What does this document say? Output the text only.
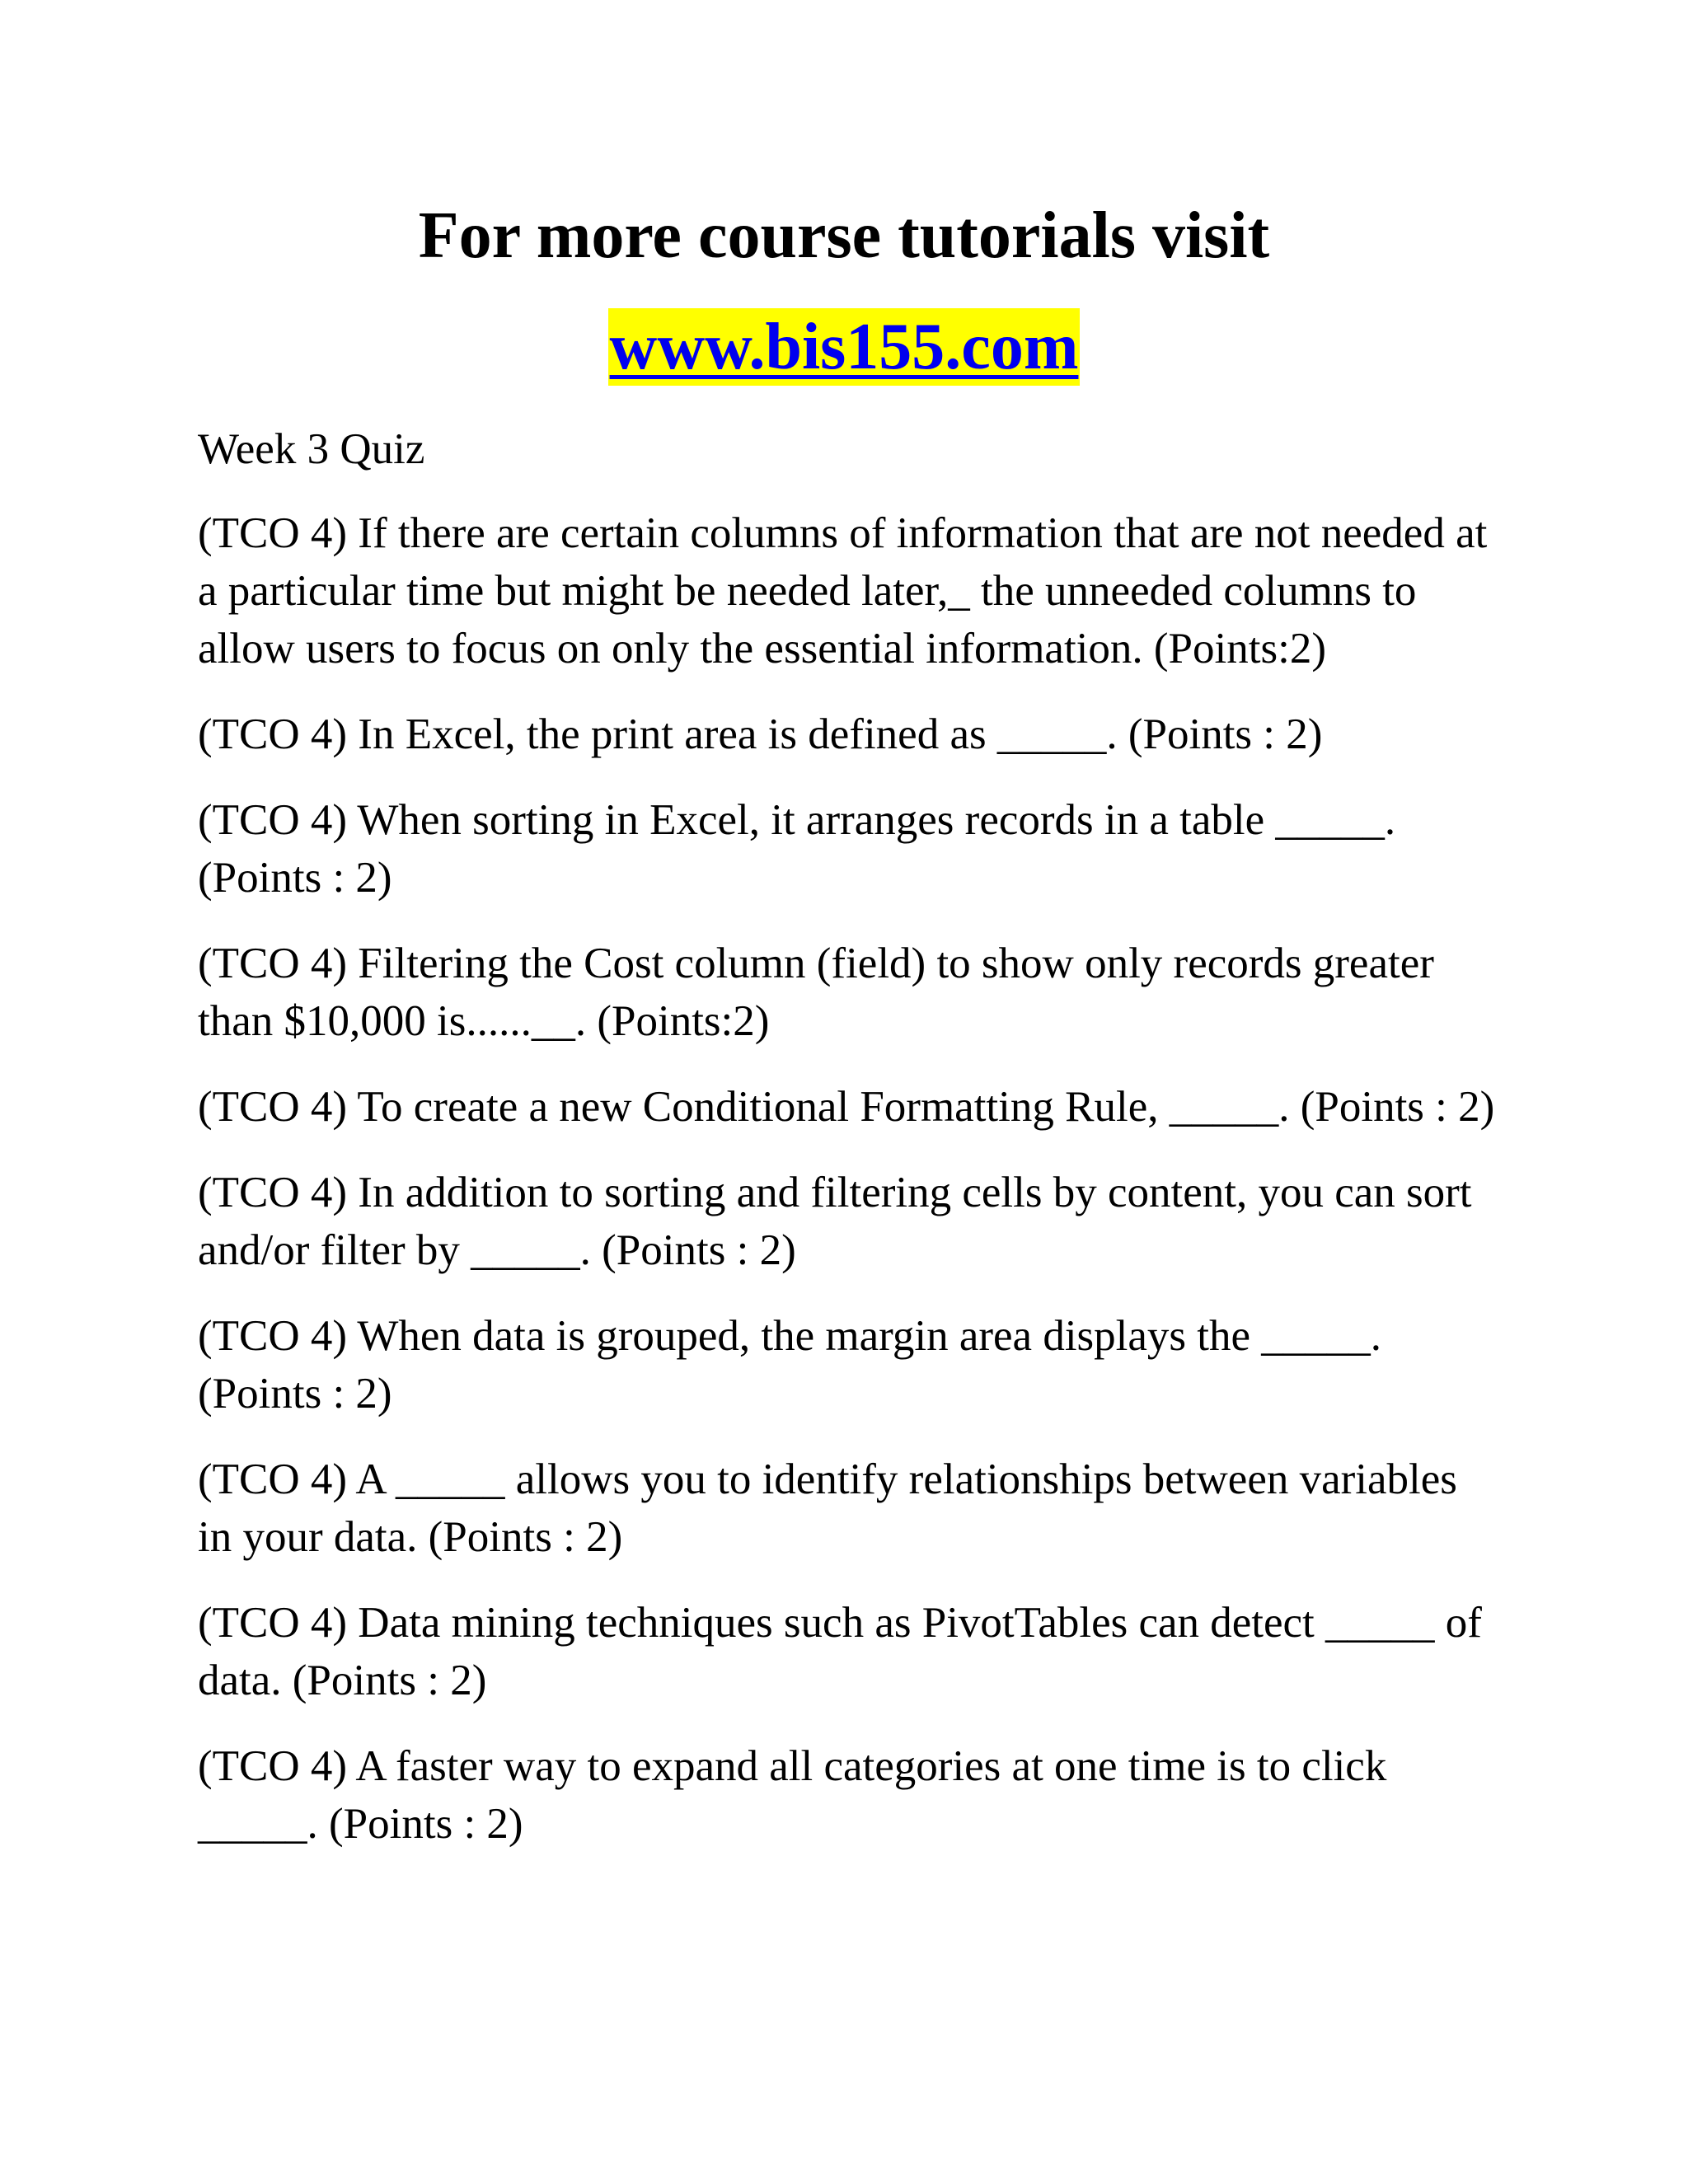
For more course tutorials visit
www.bis155.com

Week 3 Quiz

(TCO 4) If there are certain columns of information that are not needed at a particular time but might be needed later,_ the unneeded columns to allow users to focus on only the essential information. (Points:2)

(TCO 4) In Excel, the print area is defined as _____. (Points : 2)

(TCO 4) When sorting in Excel, it arranges records in a table _____. (Points : 2)

(TCO 4) Filtering the Cost column (field) to show only records greater than $10,000 is......__. (Points:2)

(TCO 4) To create a new Conditional Formatting Rule, _____. (Points : 2)

(TCO 4) In addition to sorting and filtering cells by content, you can sort and/or filter by _____. (Points : 2)

(TCO 4) When data is grouped, the margin area displays the _____. (Points : 2)

(TCO 4) A _____ allows you to identify relationships between variables in your data. (Points : 2)

(TCO 4) Data mining techniques such as PivotTables can detect _____ of data. (Points : 2)

(TCO 4) A faster way to expand all categories at one time is to click _____. (Points : 2)
